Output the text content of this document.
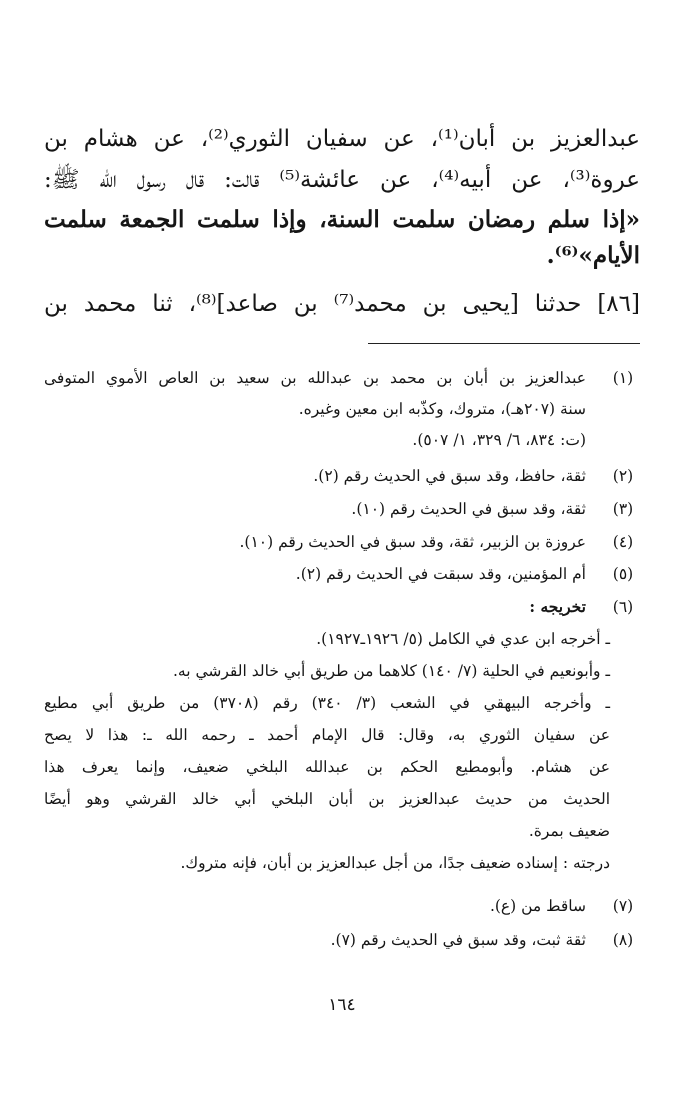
عبدالعزيز بن أبان⁽¹⁾، عن سفيان الثوري⁽²⁾، عن هشام بن
عروة⁽³⁾، عن أبيه⁽⁴⁾، عن عائشة⁽⁵⁾ قالت: قال رسول الله ﷺ:
«إذا سلم رمضان سلمت السنة، وإذا سلمت الجمعة سلمت
الأيام»⁽⁶⁾.
[٨٦] حدثنا [يحيى بن محمد⁽⁷⁾ بن صاعد]⁽⁸⁾، ثنا محمد بن
(١)
عبدالعزيز بن أبان بن محمد بن عبدالله بن سعيد بن العاص الأموي المتوفى
سنة (٢٠٧هـ)، متروك، وكذّبه ابن معين وغيره.
(ت: ٨٣٤، ٦/ ٣٢٩، ١/ ٥٠٧).
(٢)
ثقة، حافظ، وقد سبق في الحديث رقم (٢).
(٣)
ثقة، وقد سبق في الحديث رقم (١٠).
(٤)
عروزة بن الزبير، ثقة، وقد سبق في الحديث رقم (١٠).
(٥)
أم المؤمنين، وقد سبقت في الحديث رقم (٢).
(٦)
تخريجه :
ـ أخرجه ابن عدي في الكامل (٥/ ١٩٢٦ـ١٩٢٧).
ـ وأبونعيم في الحلية (٧/ ١٤٠) كلاهما من طريق أبي خالد القرشي به.
ـ وأخرجه البيهقي في الشعب (٣/ ٣٤٠) رقم (٣٧٠٨) من طريق أبي مطيع
عن سفيان الثوري به، وقال: قال الإمام أحمد ـ رحمه الله ـ: هذا لا يصح
عن هشام. وأبومطيع الحكم بن عبدالله البلخي ضعيف، وإنما يعرف هذا
الحديث من حديث عبدالعزيز بن أبان البلخي أبي خالد القرشي وهو أيضًا
ضعيف بمرة.
درجته : إسناده ضعيف جدًا، من أجل عبدالعزيز بن أبان، فإنه متروك.
(٧)
ساقط من (ع).
(٨)
ثقة ثبت، وقد سبق في الحديث رقم (٧).
١٦٤
